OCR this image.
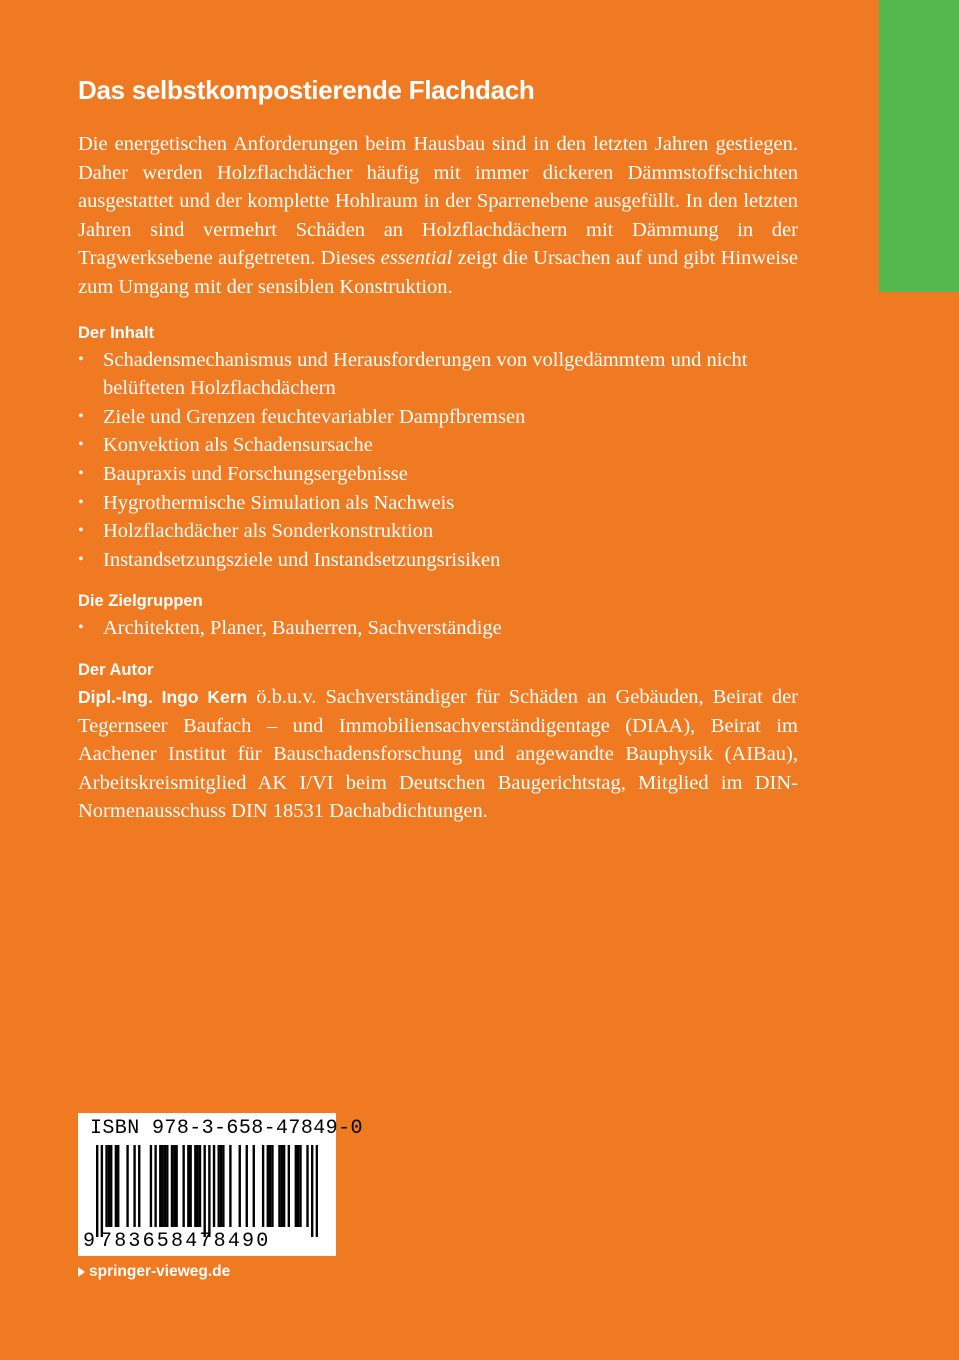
Das selbstkompostierende Flachdach

Die energetischen Anforderungen beim Hausbau sind in den letzten Jahren gestiegen. Daher werden Holzflachdächer häufig mit immer dickeren Dämmstoffschichten ausgestattet und der komplette Hohlraum in der Sparrenebene ausgefüllt. In den letzten Jahren sind vermehrt Schäden an Holzflachdächern mit Dämmung in der Tragwerksebene aufgetreten. Dieses essential zeigt die Ursachen auf und gibt Hinweise zum Umgang mit der sensiblen Konstruktion.

Der Inhalt
• Schadensmechanismus und Herausforderungen von vollgedämmtem und nicht belüfteten Holzflachdächern
• Ziele und Grenzen feuchtevariabler Dampfbremsen
• Konvektion als Schadensursache
• Baupraxis und Forschungsergebnisse
• Hygrothermische Simulation als Nachweis
• Holzflachdächer als Sonderkonstruktion
• Instandsetzungsziele und Instandsetzungsrisiken
Die Zielgruppen
• Architekten, Planer, Bauherren, Sachverständige
Der Autor

Dipl.-Ing. Ingo Kern ö.b.u.v. Sachverständiger für Schäden an Gebäuden, Beirat der Tegernseer Baufach – und Immobiliensachverständigentage (DIAA), Beirat im Aachener Institut für Bauschadensforschung und angewandte Bauphysik (AIBau), Arbeitskreismitglied AK I/VI beim Deutschen Baugerichtstag, Mitglied im DIN-Normenausschuss DIN 18531 Dachabdichtungen.

ISBN 978-3-658-47849-0
9 783658478490
springer-vieweg.de
